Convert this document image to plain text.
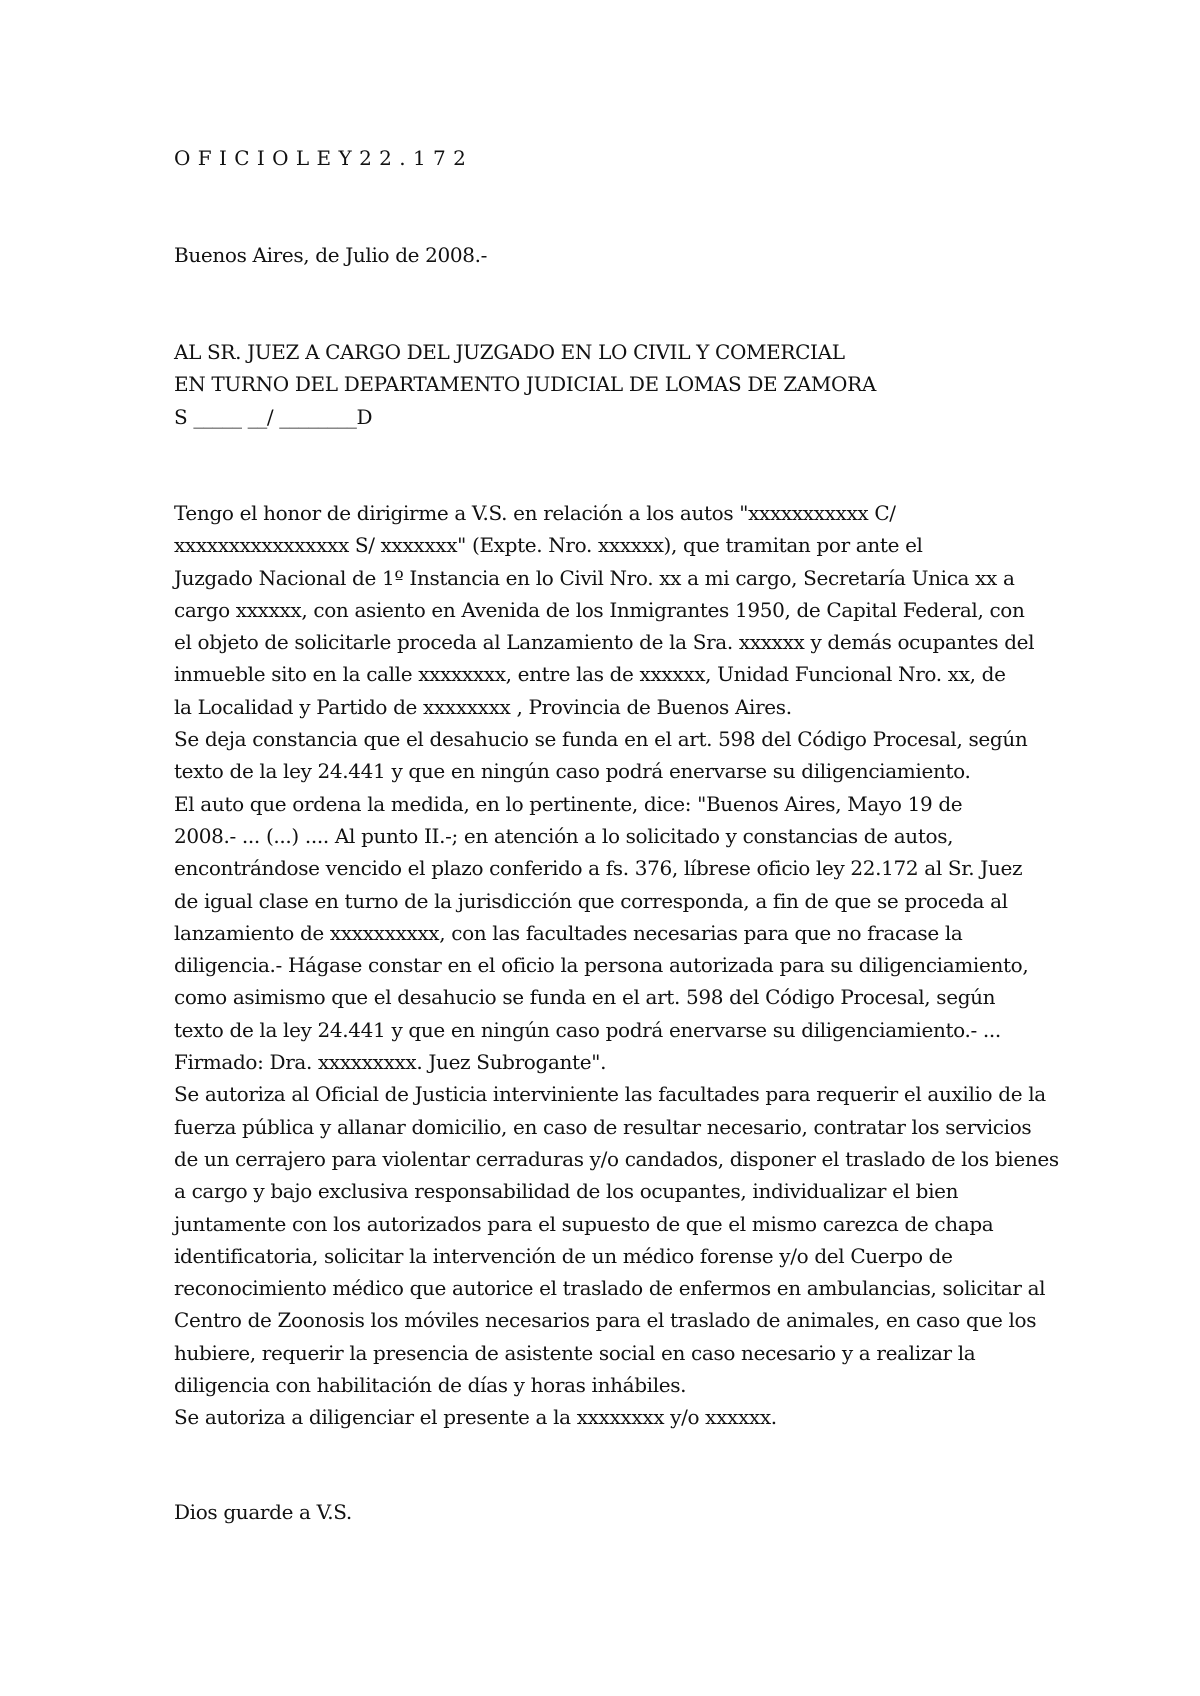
O F I C I O L E Y 2 2 . 1 7 2
Buenos Aires, de Julio de 2008.-
AL SR. JUEZ A CARGO DEL JUZGADO EN LO CIVIL Y COMERCIAL
EN TURNO DEL DEPARTAMENTO JUDICIAL DE LOMAS DE ZAMORA
S _____ __/ ________D
Tengo el honor de dirigirme a V.S. en relación a los autos "xxxxxxxxxxx C/
xxxxxxxxxxxxxxxx S/ xxxxxxx" (Expte. Nro. xxxxxx), que tramitan por ante el
Juzgado Nacional de 1º Instancia en lo Civil Nro. xx a mi cargo, Secretaría Unica xx a
cargo xxxxxx, con asiento en Avenida de los Inmigrantes 1950, de Capital Federal, con
el objeto de solicitarle proceda al Lanzamiento de la Sra. xxxxxx y demás ocupantes del
inmueble sito en la calle xxxxxxxx, entre las de xxxxxx, Unidad Funcional Nro. xx, de
la Localidad y Partido de xxxxxxxx , Provincia de Buenos Aires.
Se deja constancia que el desahucio se funda en el art. 598 del Código Procesal, según
texto de la ley 24.441 y que en ningún caso podrá enervarse su diligenciamiento.
El auto que ordena la medida, en lo pertinente, dice: "Buenos Aires, Mayo 19 de
2008.- ... (...) .... Al punto II.-; en atención a lo solicitado y constancias de autos,
encontrándose vencido el plazo conferido a fs. 376, líbrese oficio ley 22.172 al Sr. Juez
de igual clase en turno de la jurisdicción que corresponda, a fin de que se proceda al
lanzamiento de xxxxxxxxxx, con las facultades necesarias para que no fracase la
diligencia.- Hágase constar en el oficio la persona autorizada para su diligenciamiento,
como asimismo que el desahucio se funda en el art. 598 del Código Procesal, según
texto de la ley 24.441 y que en ningún caso podrá enervarse su diligenciamiento.- ...
Firmado: Dra. xxxxxxxxx. Juez Subrogante".
Se autoriza al Oficial de Justicia interviniente las facultades para requerir el auxilio de la
fuerza pública y allanar domicilio, en caso de resultar necesario, contratar los servicios
de un cerrajero para violentar cerraduras y/o candados, disponer el traslado de los bienes
a cargo y bajo exclusiva responsabilidad de los ocupantes, individualizar el bien
juntamente con los autorizados para el supuesto de que el mismo carezca de chapa
identificatoria, solicitar la intervención de un médico forense y/o del Cuerpo de
reconocimiento médico que autorice el traslado de enfermos en ambulancias, solicitar al
Centro de Zoonosis los móviles necesarios para el traslado de animales, en caso que los
hubiere, requerir la presencia de asistente social en caso necesario y a realizar la
diligencia con habilitación de días y horas inhábiles.
Se autoriza a diligenciar el presente a la xxxxxxxx y/o xxxxxx.
Dios guarde a V.S.
